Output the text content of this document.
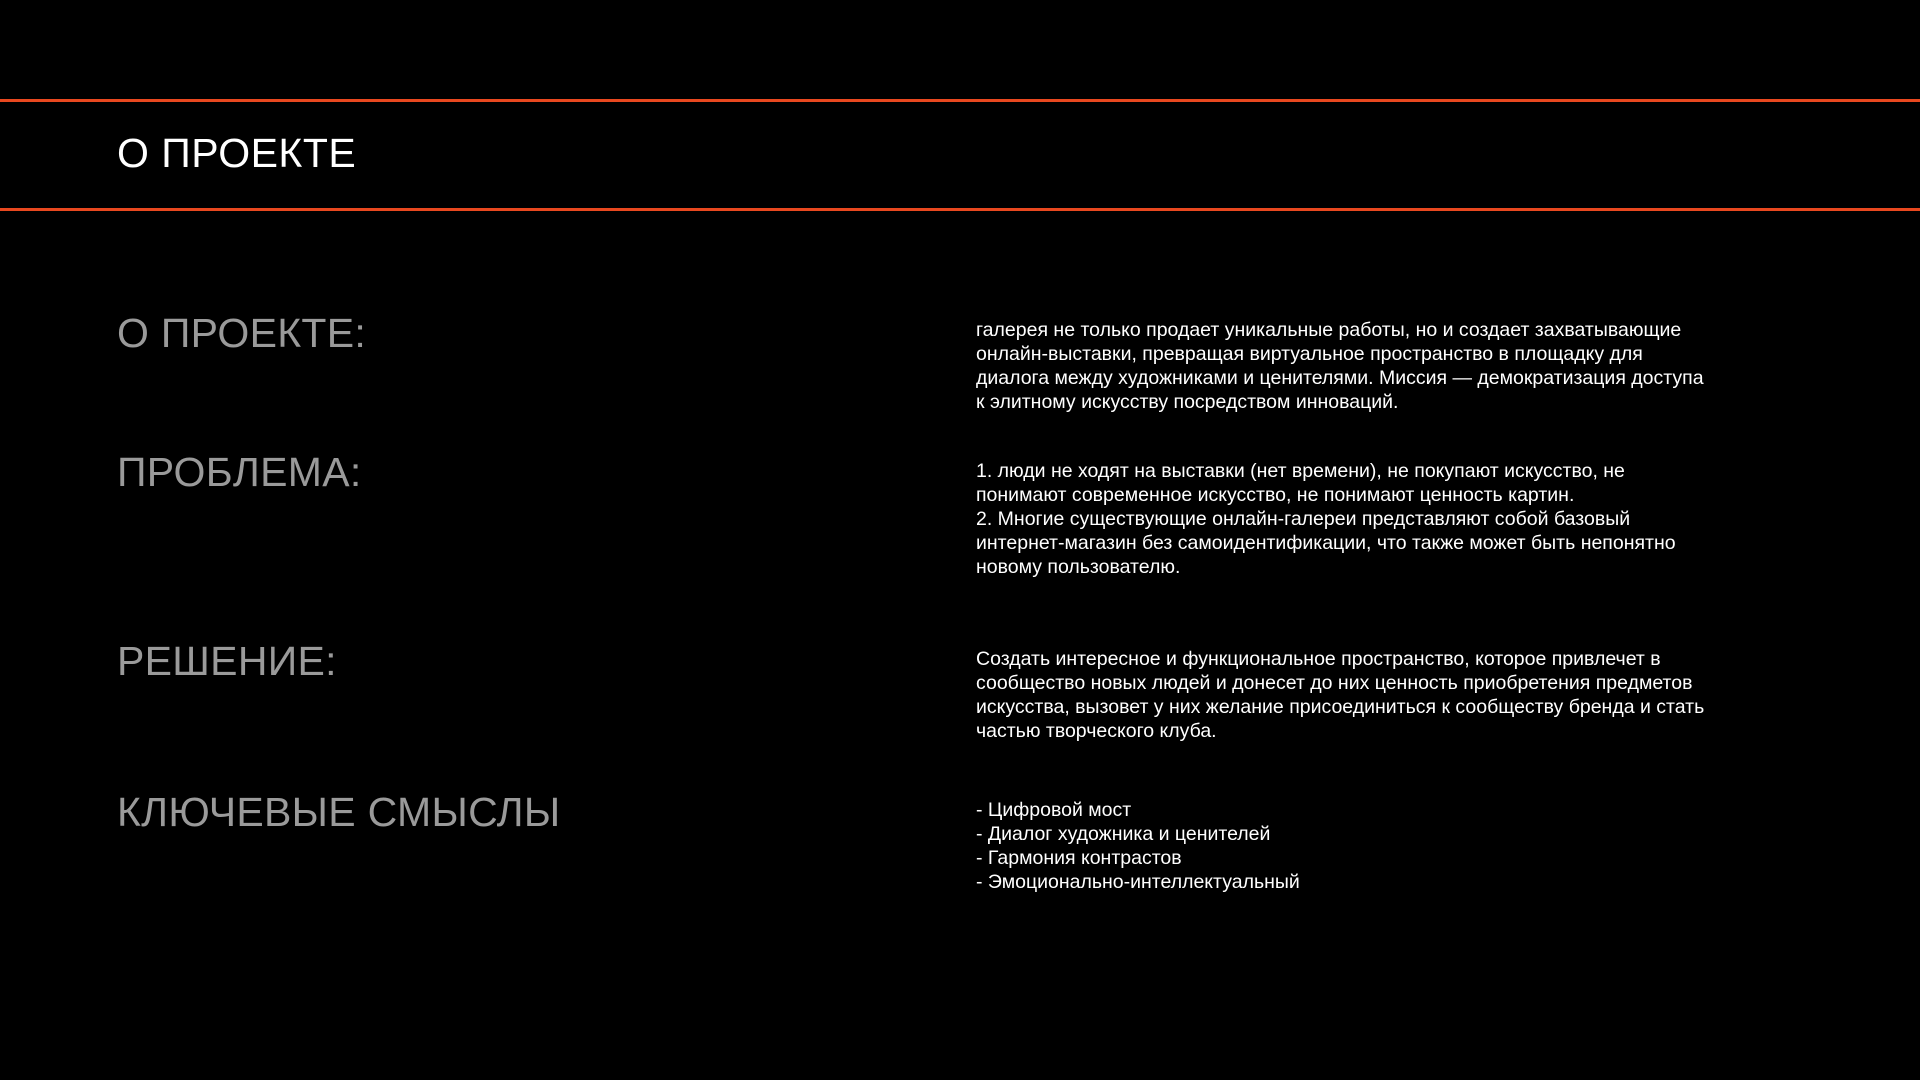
О ПРОЕКТЕ
О ПРОЕКТЕ:	галерея не только продает уникальные работы, но и создает захватывающие
онлайн-выставки, превращая виртуальное пространство в площадку для
диалога между художниками и ценителями. Миссия — демократизация доступа
к элитному искусству посредством инноваций.
ПРОБЛЕМА:	1. люди не ходят на выставки (нет времени), не покупают искусство, не
понимают современное искусство, не понимают ценность картин.
2. Многие существующие онлайн-галереи представляют собой базовый
интернет-магазин без самоидентификации, что также может быть непонятно
новому пользователю.
РЕШЕНИЕ:	Создать интересное и функциональное пространство, которое привлечет в
сообщество новых людей и донесет до них ценность приобретения предметов
искусства, вызовет у них желание присоединиться к сообществу бренда и стать
частью творческого клуба.
КЛЮЧЕВЫЕ СМЫСЛЫ	- Цифровой мост
- Диалог художника и ценителей
- Гармония контрастов
- Эмоционально-интеллектуальный
